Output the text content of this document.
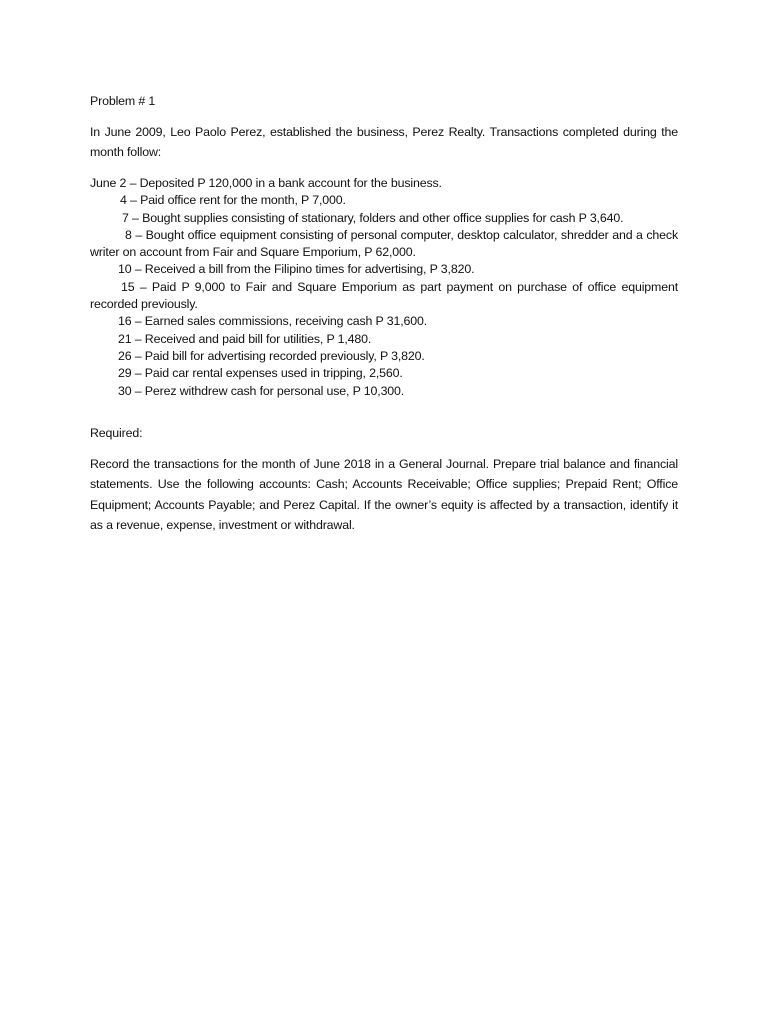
Problem # 1

In June 2009, Leo Paolo Perez, established the business, Perez Realty. Transactions completed during the month follow:

June 2 – Deposited P 120,000 in a bank account for the business.
4 – Paid office rent for the month, P 7,000.
7 – Bought supplies consisting of stationary, folders and other office supplies for cash P 3,640.
8 – Bought office equipment consisting of personal computer, desktop calculator, shredder and a check writer on account from Fair and Square Emporium, P 62,000.
10 – Received a bill from the Filipino times for advertising, P 3,820.
15 – Paid P 9,000 to Fair and Square Emporium as part payment on purchase of office equipment recorded previously.
16 – Earned sales commissions, receiving cash P 31,600.
21 – Received and paid bill for utilities, P 1,480.
26 – Paid bill for advertising recorded previously, P 3,820.
29 – Paid car rental expenses used in tripping, 2,560.
30 – Perez withdrew cash for personal use, P 10,300.

Required:

Record the transactions for the month of June 2018 in a General Journal. Prepare trial balance and financial statements. Use the following accounts: Cash; Accounts Receivable; Office supplies; Prepaid Rent; Office Equipment; Accounts Payable; and Perez Capital. If the owner’s equity is affected by a transaction, identify it as a revenue, expense, investment or withdrawal.
